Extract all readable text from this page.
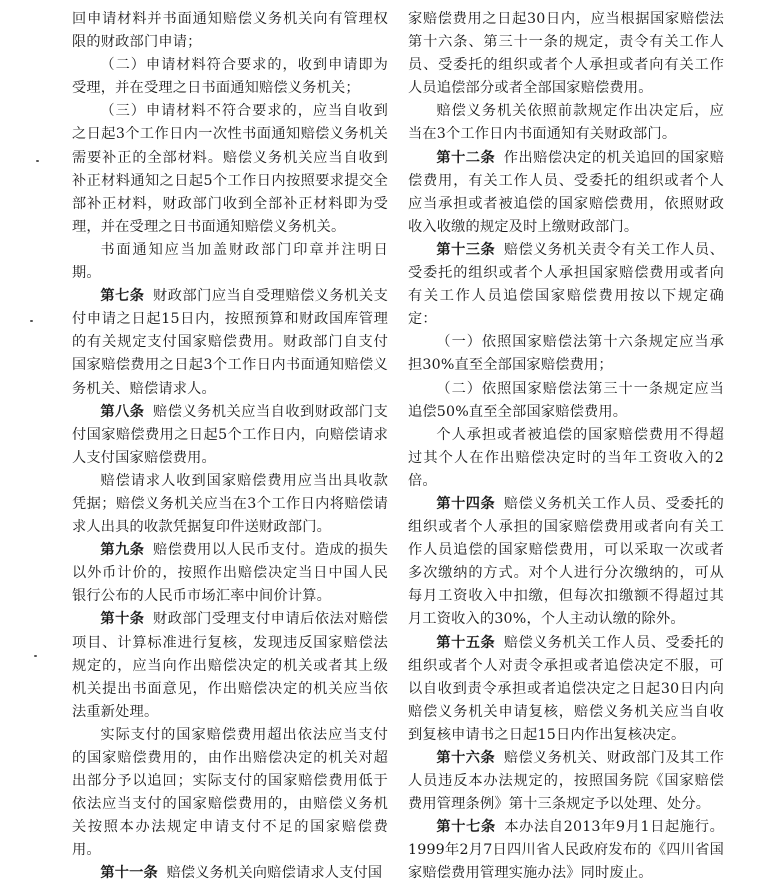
回申请材料并书面通知赔偿义务机关向有管理权限的财政部门申请；

（二）申请材料符合要求的，收到申请即为受理，并在受理之日书面通知赔偿义务机关；

（三）申请材料不符合要求的，应当自收到之日起3个工作日内一次性书面通知赔偿义务机关需要补正的全部材料。赔偿义务机关应当自收到补正材料通知之日起5个工作日内按照要求提交全部补正材料，财政部门收到全部补正材料即为受理，并在受理之日书面通知赔偿义务机关。

书面通知应当加盖财政部门印章并注明日期。

第七条 财政部门应当自受理赔偿义务机关支付申请之日起15日内，按照预算和财政国库管理的有关规定支付国家赔偿费用。财政部门自支付国家赔偿费用之日起3个工作日内书面通知赔偿义务机关、赔偿请求人。

第八条 赔偿义务机关应当自收到财政部门支付国家赔偿费用之日起5个工作日内，向赔偿请求人支付国家赔偿费用。

赔偿请求人收到国家赔偿费用应当出具收款凭据；赔偿义务机关应当在3个工作日内将赔偿请求人出具的收款凭据复印件送财政部门。

第九条 赔偿费用以人民币支付。造成的损失以外币计价的，按照作出赔偿决定当日中国人民银行公布的人民币市场汇率中间价计算。

第十条 财政部门受理支付申请后依法对赔偿项目、计算标准进行复核，发现违反国家赔偿法规定的，应当向作出赔偿决定的机关或者其上级机关提出书面意见，作出赔偿决定的机关应当依法重新处理。

实际支付的国家赔偿费用超出依法应当支付的国家赔偿费用的，由作出赔偿决定的机关对超出部分予以追回；实际支付的国家赔偿费用低于依法应当支付的国家赔偿费用的，由赔偿义务机关按照本办法规定申请支付不足的国家赔偿费用。

第十一条 赔偿义务机关向赔偿请求人支付国

家赔偿费用之日起30日内，应当根据国家赔偿法第十六条、第三十一条的规定，责令有关工作人员、受委托的组织或者个人承担或者向有关工作人员追偿部分或者全部国家赔偿费用。

赔偿义务机关依照前款规定作出决定后，应当在3个工作日内书面通知有关财政部门。

第十二条 作出赔偿决定的机关追回的国家赔偿费用，有关工作人员、受委托的组织或者个人应当承担或者被追偿的国家赔偿费用，依照财政收入收缴的规定及时上缴财政部门。

第十三条 赔偿义务机关责令有关工作人员、受委托的组织或者个人承担国家赔偿费用或者向有关工作人员追偿国家赔偿费用按以下规定确定：

（一）依照国家赔偿法第十六条规定应当承担30%直至全部国家赔偿费用；

（二）依照国家赔偿法第三十一条规定应当追偿50%直至全部国家赔偿费用。

个人承担或者被追偿的国家赔偿费用不得超过其个人在作出赔偿决定时的当年工资收入的2倍。

第十四条 赔偿义务机关工作人员、受委托的组织或者个人承担的国家赔偿费用或者向有关工作人员追偿的国家赔偿费用，可以采取一次或者多次缴纳的方式。对个人进行分次缴纳的，可从每月工资收入中扣缴，但每次扣缴额不得超过其月工资收入的30%，个人主动认缴的除外。

第十五条 赔偿义务机关工作人员、受委托的组织或者个人对责令承担或者追偿决定不服，可以自收到责令承担或者追偿决定之日起30日内向赔偿义务机关申请复核，赔偿义务机关应当自收到复核申请书之日起15日内作出复核决定。

第十六条 赔偿义务机关、财政部门及其工作人员违反本办法规定的，按照国务院《国家赔偿费用管理条例》第十三条规定予以处理、处分。

第十七条 本办法自2013年9月1日起施行。1999年2月7日四川省人民政府发布的《四川省国家赔偿费用管理实施办法》同时废止。
